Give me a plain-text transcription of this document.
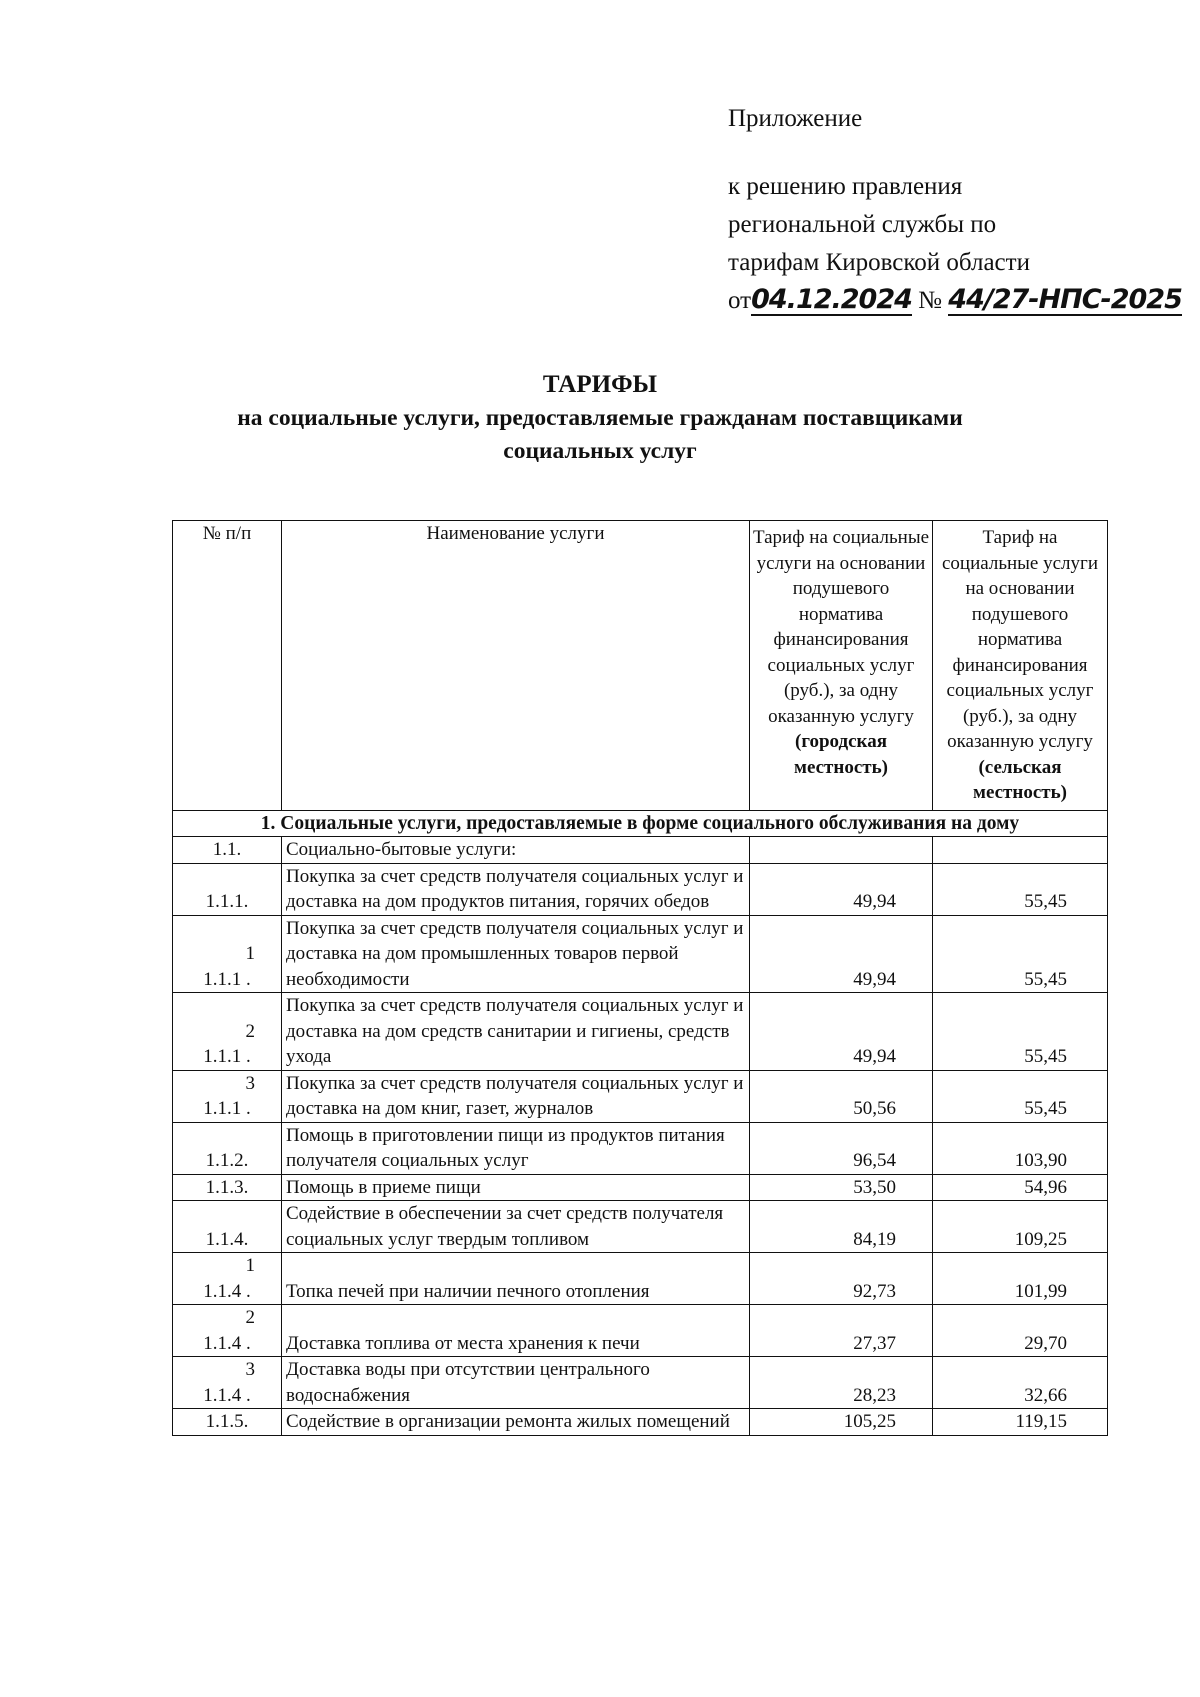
Приложение
к решению правления
региональной службы по
тарифам Кировской области
от04.12.2024 № 44/27-НПС-2025
ТАРИФЫ
на социальные услуги, предоставляемые гражданам поставщиками
социальных услуг
№ п/п	Наименование услуги	Тариф на социальные услуги на основании подушевого норматива финансирования социальных услуг (руб.), за одну оказанную услугу (городская местность)	Тариф на социальные услуги на основании подушевого норматива финансирования социальных услуг (руб.), за одну оказанную услугу (сельская местность)
1. Социальные услуги, предоставляемые в форме социального обслуживания на дому			

1.1.	Социально-бытовые услуги:		

1.1.1.	Покупка за счет средств получателя социальных услуг и доставка на дом продуктов питания, горячих обедов	49,94	55,45

1
1.1.1 .	Покупка за счет средств получателя социальных услуг и доставка на дом промышленных товаров первой необходимости	49,94	55,45

2
1.1.1 .	Покупка за счет средств получателя социальных услуг и доставка на дом средств санитарии и гигиены, средств ухода	49,94	55,45

3
1.1.1 .	Покупка за счет средств получателя социальных услуг и доставка на дом книг, газет, журналов	50,56	55,45

1.1.2.	Помощь в приготовлении пищи из продуктов питания получателя социальных услуг	96,54	103,90

1.1.3.	Помощь в приеме пищи	53,50	54,96

1.1.4.	Содействие в обеспечении за счет средств получателя социальных услуг твердым топливом	84,19	109,25

1
1.1.4 .	Топка печей при наличии печного отопления	92,73	101,99

2
1.1.4 .	Доставка топлива от места хранения к печи	27,37	29,70

3
1.1.4 .	Доставка воды при отсутствии центрального водоснабжения	28,23	32,66

1.1.5.	Содействие в организации ремонта жилых помещений	105,25	119,15
